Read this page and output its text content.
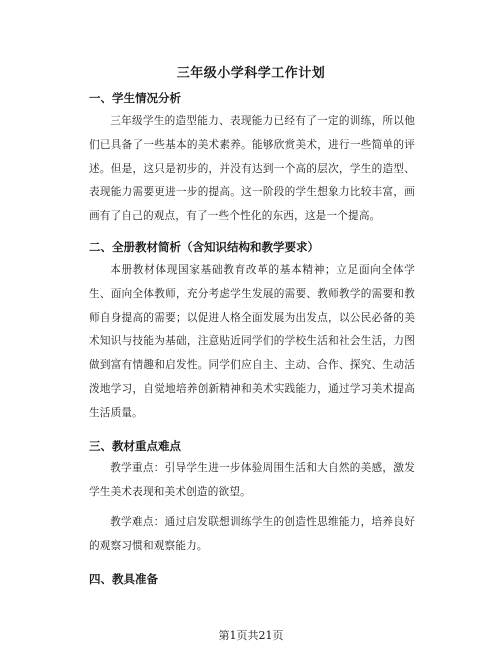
三年级小学科学工作计划
一、学生情况分析

三年级学生的造型能力、表现能力已经有了一定的训练，所以他们已具备了一些基本的美术素养。能够欣赏美术，进行一些简单的评述。但是，这只是初步的，并没有达到一个高的层次，学生的造型、表现能力需要更进一步的提高。这一阶段的学生想象力比较丰富，画画有了自己的观点，有了一些个性化的东西，这是一个提高。

二、全册教材简析（含知识结构和教学要求）

本册教材体现国家基础教育改革的基本精神；立足面向全体学生、面向全体教师，充分考虑学生发展的需要、教师教学的需要和教师自身提高的需要；以促进人格全面发展为出发点，以公民必备的美术知识与技能为基础，注意贴近同学们的学校生活和社会生活，力图做到富有情趣和启发性。同学们应自主、主动、合作、探究、生动活泼地学习，自觉地培养创新精神和美术实践能力，通过学习美术提高生活质量。

三、教材重点难点

教学重点：引导学生进一步体验周围生活和大自然的美感，激发学生美术表现和美术创造的欲望。

教学难点：通过启发联想训练学生的创造性思维能力，培养良好的观察习惯和观察能力。

四、教具准备
第1页共21页
